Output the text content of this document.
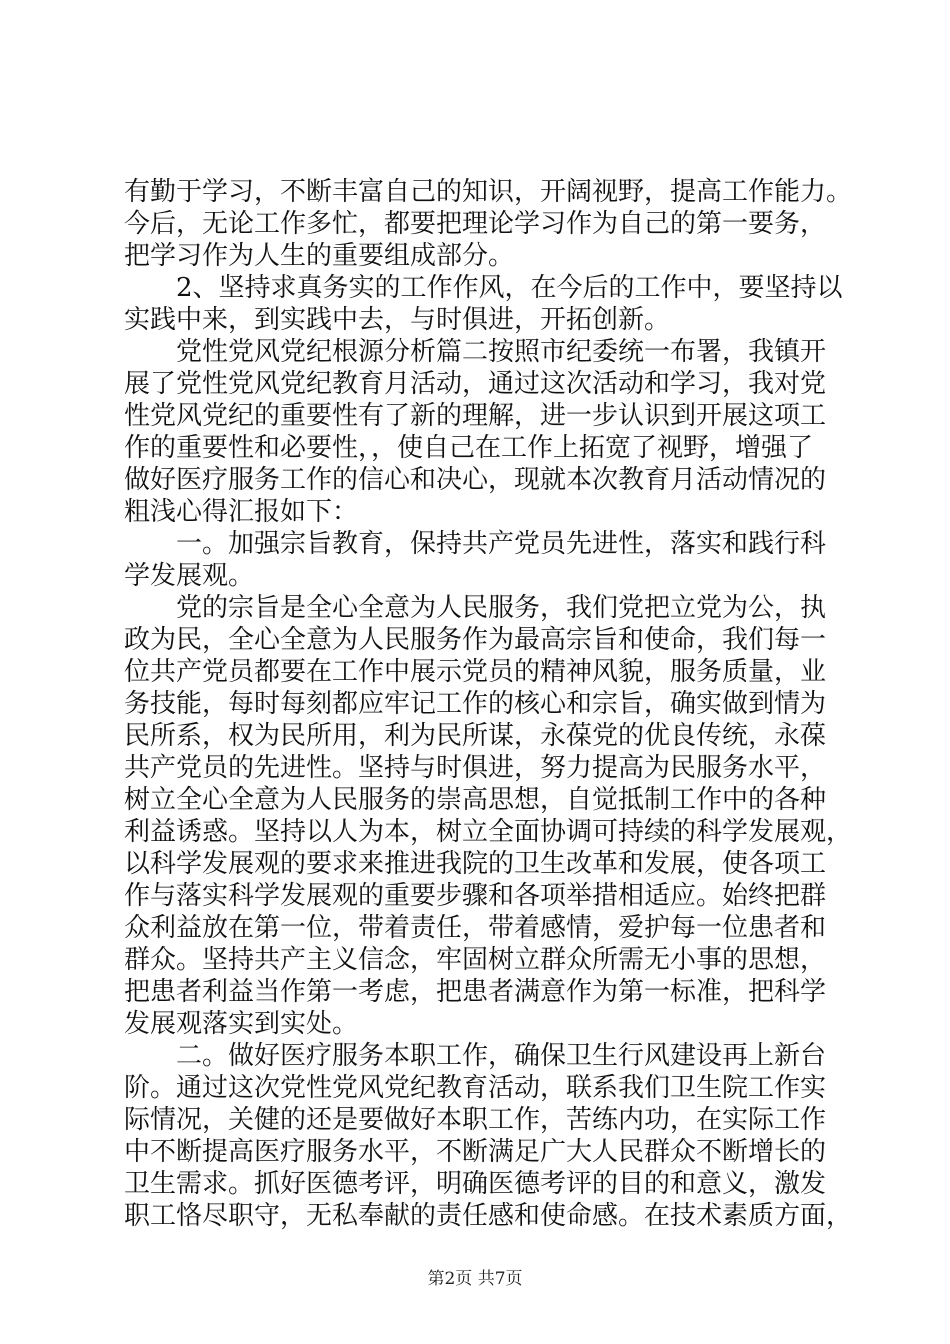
有勤于学习，不断丰富自己的知识，开阔视野，提高工作能力。
今后，无论工作多忙，都要把理论学习作为自己的第一要务，
把学习作为人生的重要组成部分。
　　2、坚持求真务实的工作作风，在今后的工作中，要坚持以
实践中来，到实践中去，与时俱进，开拓创新。
　　党性党风党纪根源分析篇二按照市纪委统一布署，我镇开
展了党性党风党纪教育月活动，通过这次活动和学习，我对党
性党风党纪的重要性有了新的理解，进一步认识到开展这项工
作的重要性和必要性，，使自己在工作上拓宽了视野，增强了
做好医疗服务工作的信心和决心，现就本次教育月活动情况的
粗浅心得汇报如下：
　　一。加强宗旨教育，保持共产党员先进性，落实和践行科
学发展观。
　　党的宗旨是全心全意为人民服务，我们党把立党为公，执
政为民，全心全意为人民服务作为最高宗旨和使命，我们每一
位共产党员都要在工作中展示党员的精神风貌，服务质量，业
务技能，每时每刻都应牢记工作的核心和宗旨，确实做到情为
民所系，权为民所用，利为民所谋，永葆党的优良传统，永葆
共产党员的先进性。坚持与时俱进，努力提高为民服务水平，
树立全心全意为人民服务的崇高思想，自觉抵制工作中的各种
利益诱惑。坚持以人为本，树立全面协调可持续的科学发展观，
以科学发展观的要求来推进我院的卫生改革和发展，使各项工
作与落实科学发展观的重要步骤和各项举措相适应。始终把群
众利益放在第一位，带着责任，带着感情，爱护每一位患者和
群众。坚持共产主义信念，牢固树立群众所需无小事的思想，
把患者利益当作第一考虑，把患者满意作为第一标准，把科学
发展观落实到实处。
　　二。做好医疗服务本职工作，确保卫生行风建设再上新台
阶。通过这次党性党风党纪教育活动，联系我们卫生院工作实
际情况，关健的还是要做好本职工作，苦练内功，在实际工作
中不断提高医疗服务水平，不断满足广大人民群众不断增长的
卫生需求。抓好医德考评，明确医德考评的目的和意义，激发
职工恪尽职守，无私奉献的责任感和使命感。在技术素质方面，
第2页 共7页
